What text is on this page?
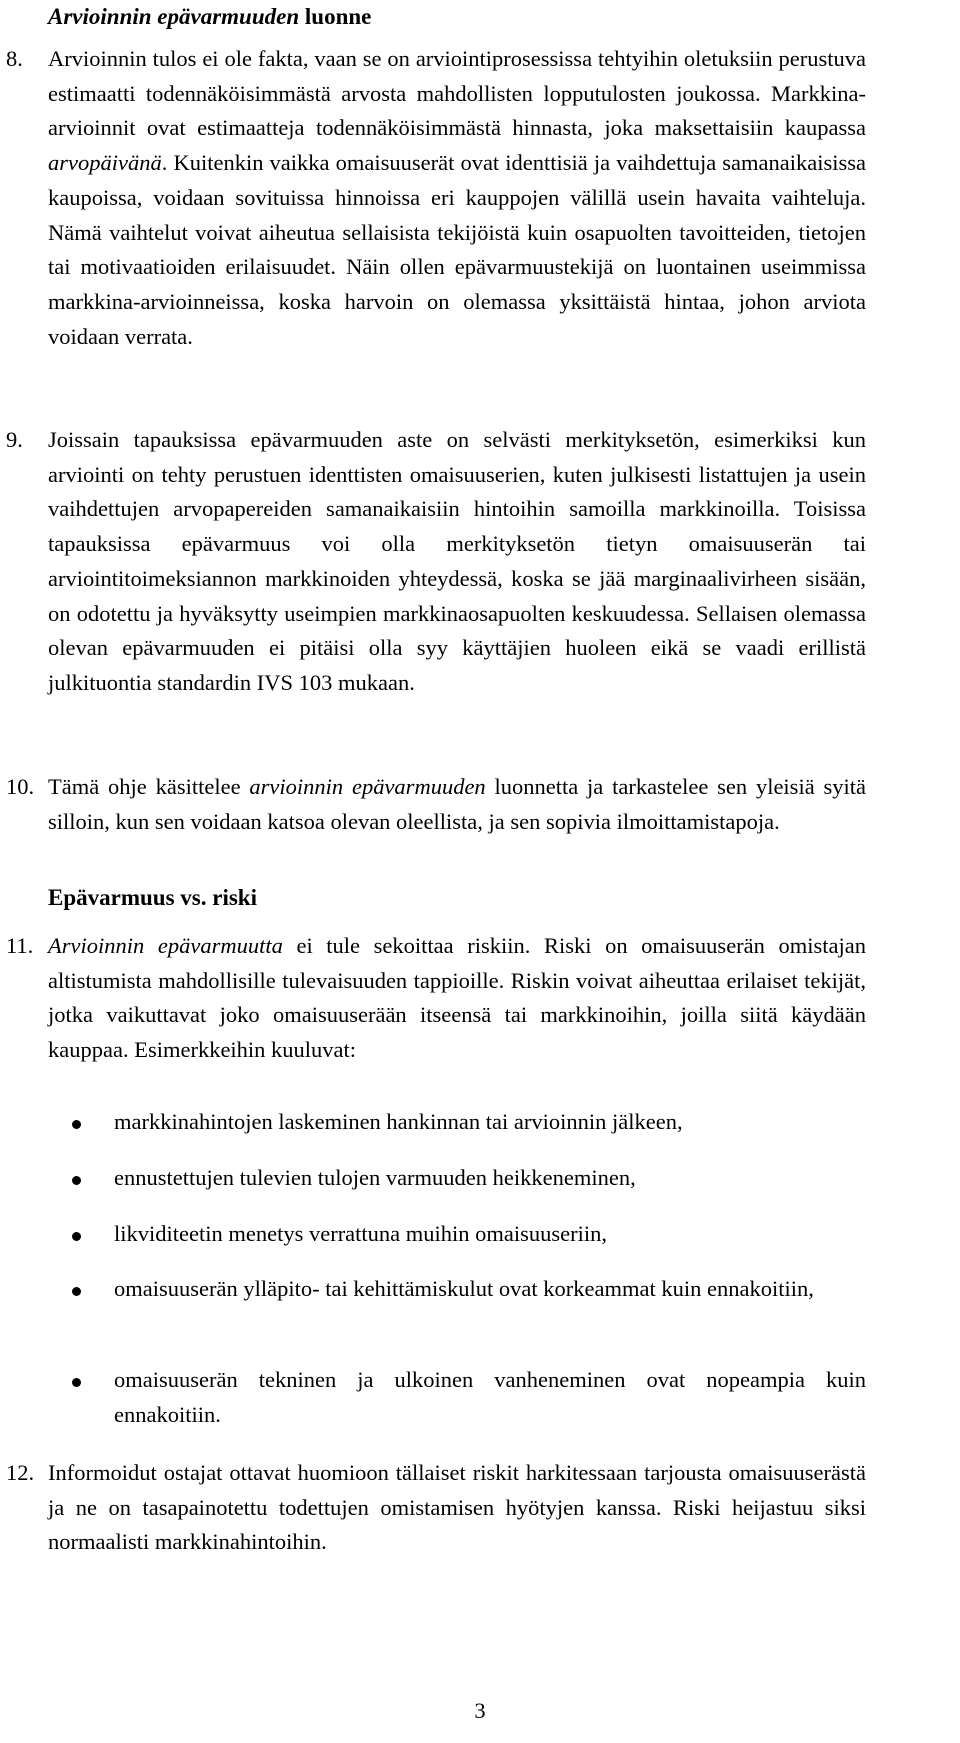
Arvioinnin epävarmuuden luonne
8. Arvioinnin tulos ei ole fakta, vaan se on arviointiprosessissa tehtyihin oletuksiin perustuva estimaatti todennäköisimmästä arvosta mahdollisten lopputulosten joukossa. Markkina-arvioinnit ovat estimaatteja todennäköisimmästä hinnasta, joka maksettaisiin kaupassa arvopäivänä. Kuitenkin vaikka omaisuuserät ovat identtisiä ja vaihdettuja samanaikaisissa kaupoissa, voidaan sovituissa hinnoissa eri kauppojen välillä usein havaita vaihteluja. Nämä vaihtelut voivat aiheutua sellaisista tekijöistä kuin osapuolten tavoitteiden, tietojen tai motivaatioiden erilaisuudet. Näin ollen epävarmuustekijä on luontainen useimmissa markkina-arvioinneissa, koska harvoin on olemassa yksittäistä hintaa, johon arviota voidaan verrata.
9. Joissain tapauksissa epävarmuuden aste on selvästi merkityksetön, esimerkiksi kun arviointi on tehty perustuen identtisten omaisuuserien, kuten julkisesti listattujen ja usein vaihdettujen arvopapereiden samanaikaisiin hintoihin samoilla markkinoilla. Toisissa tapauksissa epävarmuus voi olla merkityksetön tietyn omaisuuserän tai arviointitoimeksiannon markkinoiden yhteydessä, koska se jää marginaalivirheen sisään, on odotettu ja hyväksytty useimpien markkinaosapuolten keskuudessa. Sellaisen olemassa olevan epävarmuuden ei pitäisi olla syy käyttäjien huoleen eikä se vaadi erillistä julkituontia standardin IVS 103 mukaan.
10. Tämä ohje käsittelee arvioinnin epävarmuuden luonnetta ja tarkastelee sen yleisiä syitä silloin, kun sen voidaan katsoa olevan oleellista, ja sen sopivia ilmoittamistapoja.
Epävarmuus vs. riski
11. Arvioinnin epävarmuutta ei tule sekoittaa riskiin. Riski on omaisuuserän omistajan altistumista mahdollisille tulevaisuuden tappioille. Riskin voivat aiheuttaa erilaiset tekijät, jotka vaikuttavat joko omaisuuserään itseensä tai markkinoihin, joilla siitä käydään kauppaa. Esimerkkeihin kuuluvat:
markkinahintojen laskeminen hankinnan tai arvioinnin jälkeen,
ennustettujen tulevien tulojen varmuuden heikkeneminen,
likviditeetin menetys verrattuna muihin omaisuuseriin,
omaisuuserän ylläpito- tai kehittämiskulut ovat korkeammat kuin ennakoitiin,
omaisuuserän tekninen ja ulkoinen vanheneminen ovat nopeampia kuin ennakoitiin.
12. Informoidut ostajat ottavat huomioon tällaiset riskit harkitessaan tarjousta omaisuuserästä ja ne on tasapainotettu todettujen omistamisen hyötyjen kanssa. Riski heijastuu siksi normaalisti markkinahintoihin.
3
